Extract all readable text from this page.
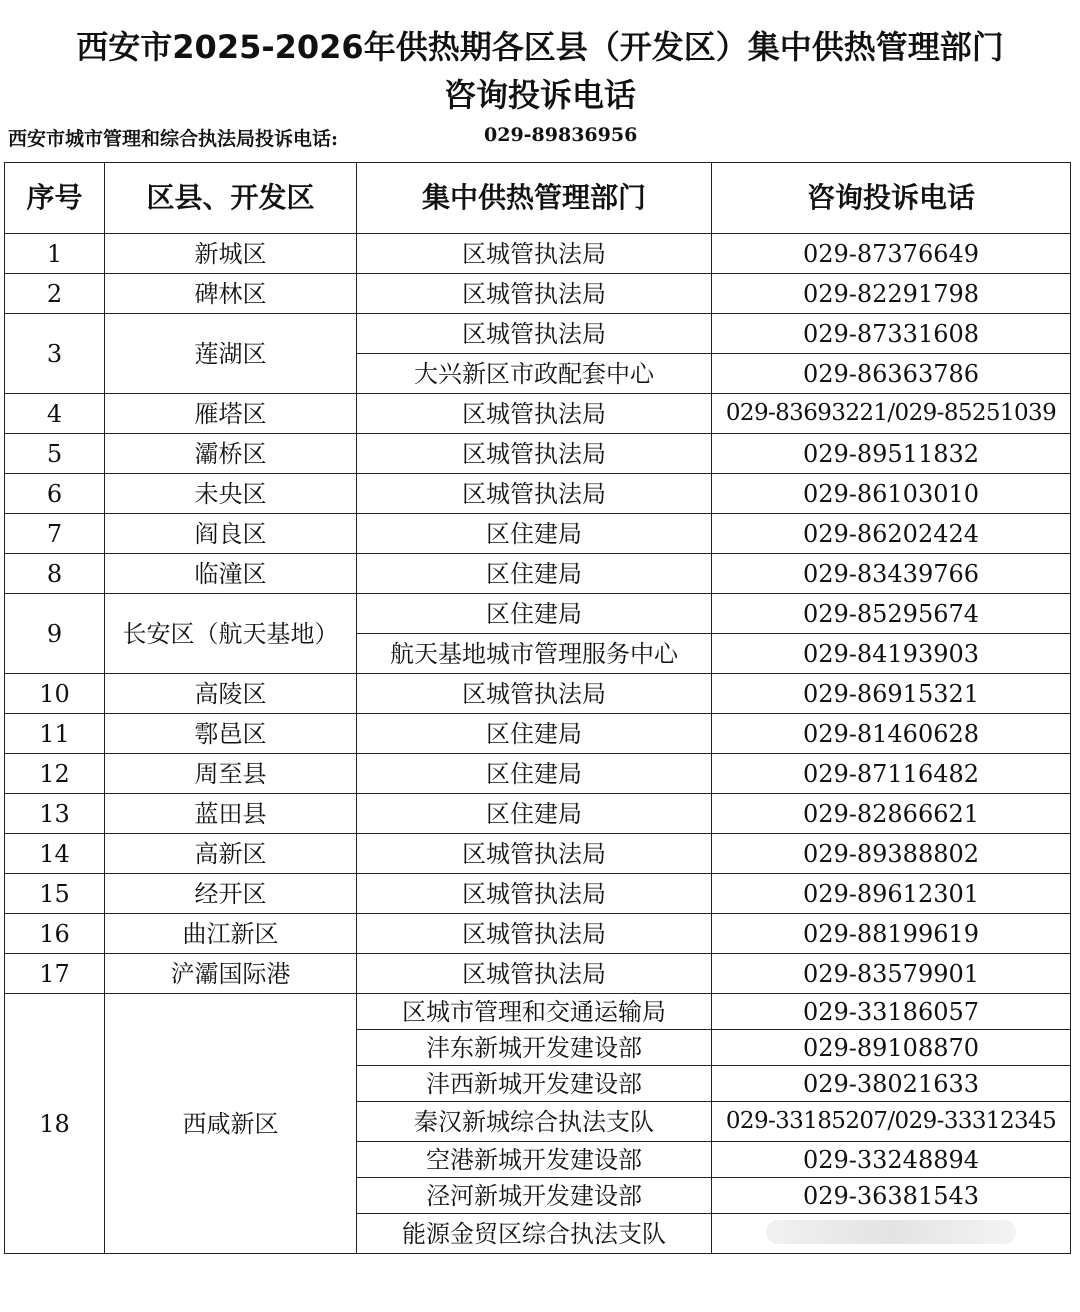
西安市2025-2026年供热期各区县（开发区）集中供热管理部门
咨询投诉电话
西安市城市管理和综合执法局投诉电话:	029-89836956
序号	区县、开发区	集中供热管理部门	咨询投诉电话
1	新城区	区城管执法局	029-87376649
2	碑林区	区城管执法局	029-82291798
3	莲湖区	区城管执法局	029-87331608
		大兴新区市政配套中心	029-86363786
4	雁塔区	区城管执法局	029-83693221/029-85251039
5	灞桥区	区城管执法局	029-89511832
6	未央区	区城管执法局	029-86103010
7	阎良区	区住建局	029-86202424
8	临潼区	区住建局	029-83439766
9	长安区（航天基地）	区住建局	029-85295674
		航天基地城市管理服务中心	029-84193903
10	高陵区	区城管执法局	029-86915321
11	鄠邑区	区住建局	029-81460628
12	周至县	区住建局	029-87116482
13	蓝田县	区住建局	029-82866621
14	高新区	区城管执法局	029-89388802
15	经开区	区城管执法局	029-89612301
16	曲江新区	区城管执法局	029-88199619
17	浐灞国际港	区城管执法局	029-83579901
18	西咸新区	区城市管理和交通运输局	029-33186057
		沣东新城开发建设部	029-89108870
		沣西新城开发建设部	029-38021633
		秦汉新城综合执法支队	029-33185207/029-33312345
		空港新城开发建设部	029-33248894
		泾河新城开发建设部	029-36381543
		能源金贸区综合执法支队	
